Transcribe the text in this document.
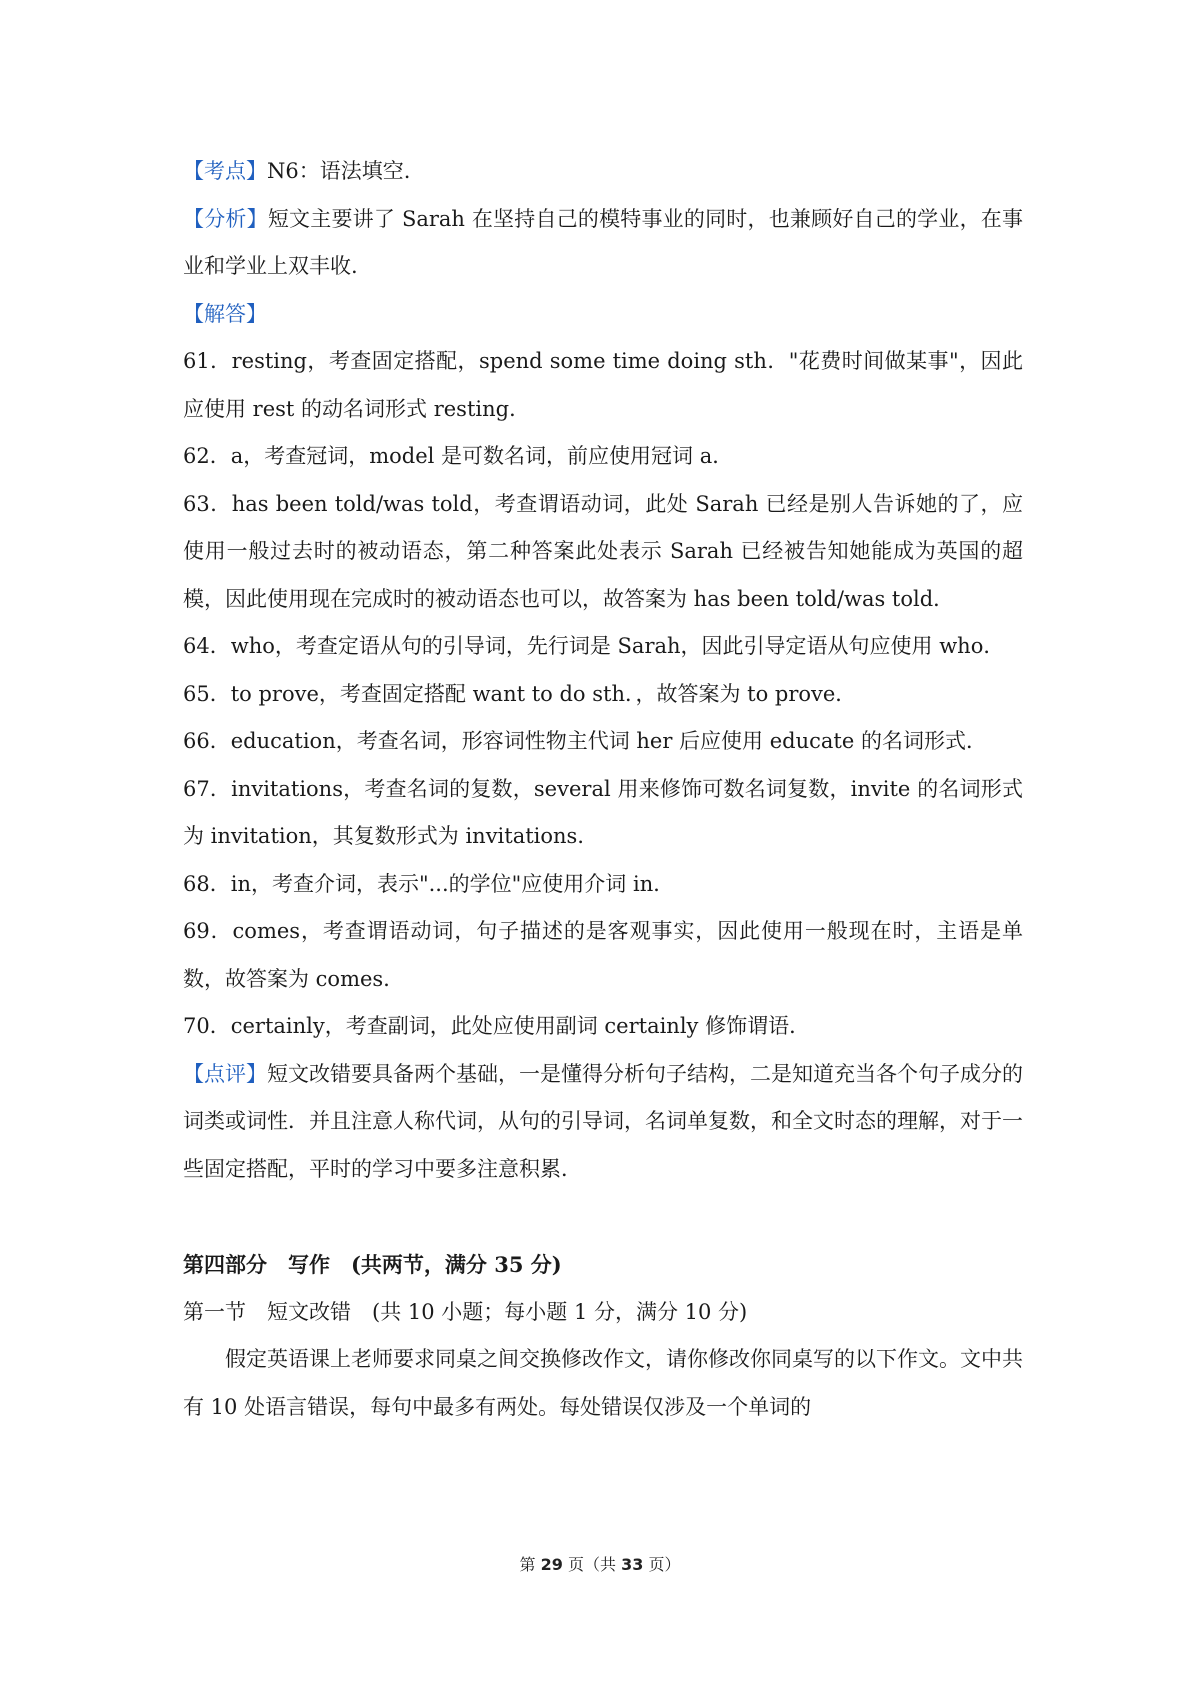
【考点】N6：语法填空.

【分析】短文主要讲了 Sarah 在坚持自己的模特事业的同时，也兼顾好自己的学业，在事业和学业上双丰收.

【解答】

61．resting，考查固定搭配，spend some time doing sth．"花费时间做某事"，因此应使用 rest 的动名词形式 resting．

62．a，考查冠词，model 是可数名词，前应使用冠词 a．

63．has been told/was told，考查谓语动词，此处 Sarah 已经是别人告诉她的了，应使用一般过去时的被动语态，第二种答案此处表示 Sarah 已经被告知她能成为英国的超模，因此使用现在完成时的被动语态也可以，故答案为 has been told/was told．

64．who，考查定语从句的引导词，先行词是 Sarah，因此引导定语从句应使用 who．

65．to prove，考查固定搭配 want to do sth．，故答案为 to prove．

66．education，考查名词，形容词性物主代词 her 后应使用 educate 的名词形式．

67．invitations，考查名词的复数，several 用来修饰可数名词复数，invite 的名词形式为 invitation，其复数形式为 invitations．

68．in，考查介词，表示"...的学位"应使用介词 in．

69．comes，考查谓语动词，句子描述的是客观事实，因此使用一般现在时，主语是单数，故答案为 comes．

70．certainly，考查副词，此处应使用副词 certainly 修饰谓语．

【点评】短文改错要具备两个基础，一是懂得分析句子结构，二是知道充当各个句子成分的词类或词性．并且注意人称代词，从句的引导词，名词单复数，和全文时态的理解，对于一些固定搭配，平时的学习中要多注意积累．

第四部分　写作　(共两节，满分 35 分)

第一节　短文改错　(共 10 小题；每小题 1 分，满分 10 分)

假定英语课上老师要求同桌之间交换修改作文，请你修改你同桌写的以下作文。文中共有 10 处语言错误，每句中最多有两处。每处错误仅涉及一个单词的

第 29 页（共 33 页）
